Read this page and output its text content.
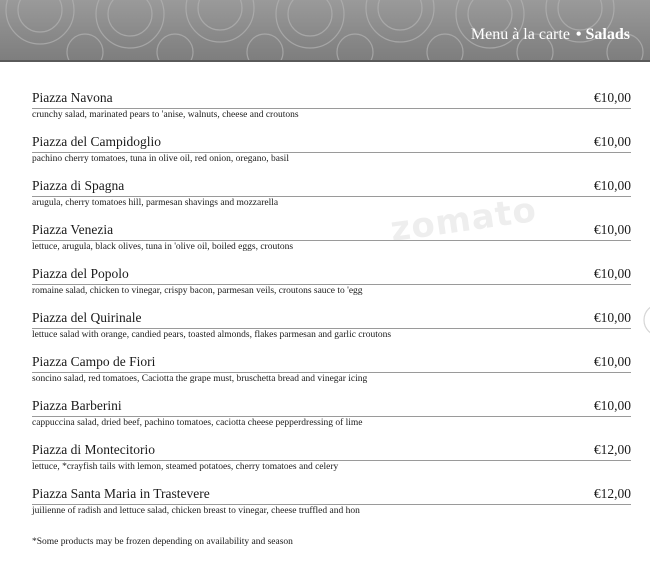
Menu à la carte • Salads
zomato
Piazza Navona	€10,00
crunchy salad, marinated pears to 'anise, walnuts, cheese and croutons
Piazza del Campidoglio	€10,00
pachino cherry tomatoes, tuna in olive oil, red onion, oregano, basil
Piazza di Spagna	€10,00
arugula, cherry tomatoes hill, parmesan shavings and mozzarella
Piazza Venezia	€10,00
lettuce, arugula, black olives, tuna in 'olive oil, boiled eggs, croutons
Piazza del Popolo	€10,00
romaine salad, chicken to vinegar, crispy bacon, parmesan veils, croutons sauce to 'egg
Piazza del Quirinale	€10,00
lettuce salad with orange, candied pears, toasted almonds, flakes parmesan and garlic croutons
Piazza Campo de Fiori	€10,00
soncino salad, red tomatoes, Caciotta the grape must, bruschetta bread and vinegar icing
Piazza Barberini	€10,00
cappuccina salad, dried beef, pachino tomatoes, caciotta cheese pepperdressing of lime
Piazza di Montecitorio	€12,00
lettuce, *crayfish tails with lemon, steamed potatoes, cherry tomatoes and celery
Piazza Santa Maria in Trastevere	€12,00
juilienne of radish and lettuce salad, chicken breast to vinegar, cheese truffled and hon
*Some products may be frozen depending on availability and season
